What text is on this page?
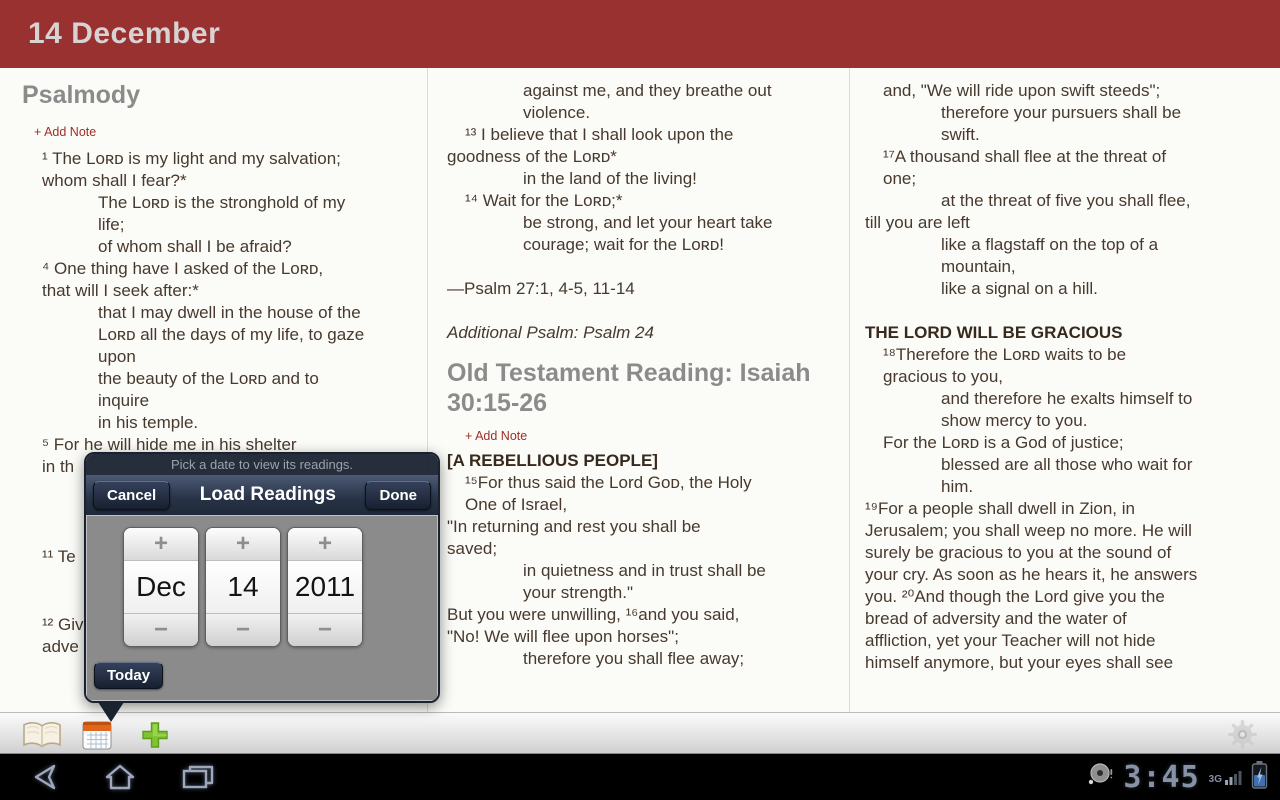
14 December
Psalmody
+ Add Note
¹ The Lᴏʀᴅ is my light and my salvation;
whom shall I fear?*
The Lᴏʀᴅ is the stronghold of my
life;
of whom shall I be afraid?
⁴ One thing have I asked of the Lᴏʀᴅ,
that will I seek after:*
that I may dwell in the house of the
Lᴏʀᴅ all the days of my life, to gaze
upon
the beauty of the Lᴏʀᴅ and to
inquire
in his temple.
⁵ For he will hide me in his shelter
in th
¹¹ Te
¹² Giv
adve
against me, and they breathe out
violence.
¹³ I believe that I shall look upon the
goodness of the Lᴏʀᴅ*
in the land of the living!
¹⁴ Wait for the Lᴏʀᴅ;*
be strong, and let your heart take
courage; wait for the Lᴏʀᴅ!
—Psalm 27:1, 4-5, 11-14
Additional Psalm: Psalm 24
Old Testament Reading: Isaiah 30:15-26
+ Add Note
[A REBELLIOUS PEOPLE]
¹⁵For thus said the Lord Gᴏᴅ, the Holy
One of Israel,
"In returning and rest you shall be
saved;
in quietness and in trust shall be
your strength."
But you were unwilling, ¹⁶and you said,
"No! We will flee upon horses";
therefore you shall flee away;
and, "We will ride upon swift steeds";
therefore your pursuers shall be
swift.
¹⁷A thousand shall flee at the threat of
one;
at the threat of five you shall flee,
till you are left
like a flagstaff on the top of a
mountain,
like a signal on a hill.
THE LORD WILL BE GRACIOUS
¹⁸Therefore the Lᴏʀᴅ waits to be
gracious to you,
and therefore he exalts himself to
show mercy to you.
For the Lᴏʀᴅ is a God of justice;
blessed are all those who wait for
him.
¹⁹For a people shall dwell in Zion, in
Jerusalem; you shall weep no more. He will
surely be gracious to you at the sound of
your cry. As soon as he hears it, he answers
you. ²⁰And though the Lord give you the
bread of adversity and the water of
affliction, yet your Teacher will not hide
himself anymore, but your eyes shall see
Pick a date to view its readings.
Cancel	Load Readings	Done
+
Dec
−
+
14
−
+
2011
−
Today
3:45 3G
